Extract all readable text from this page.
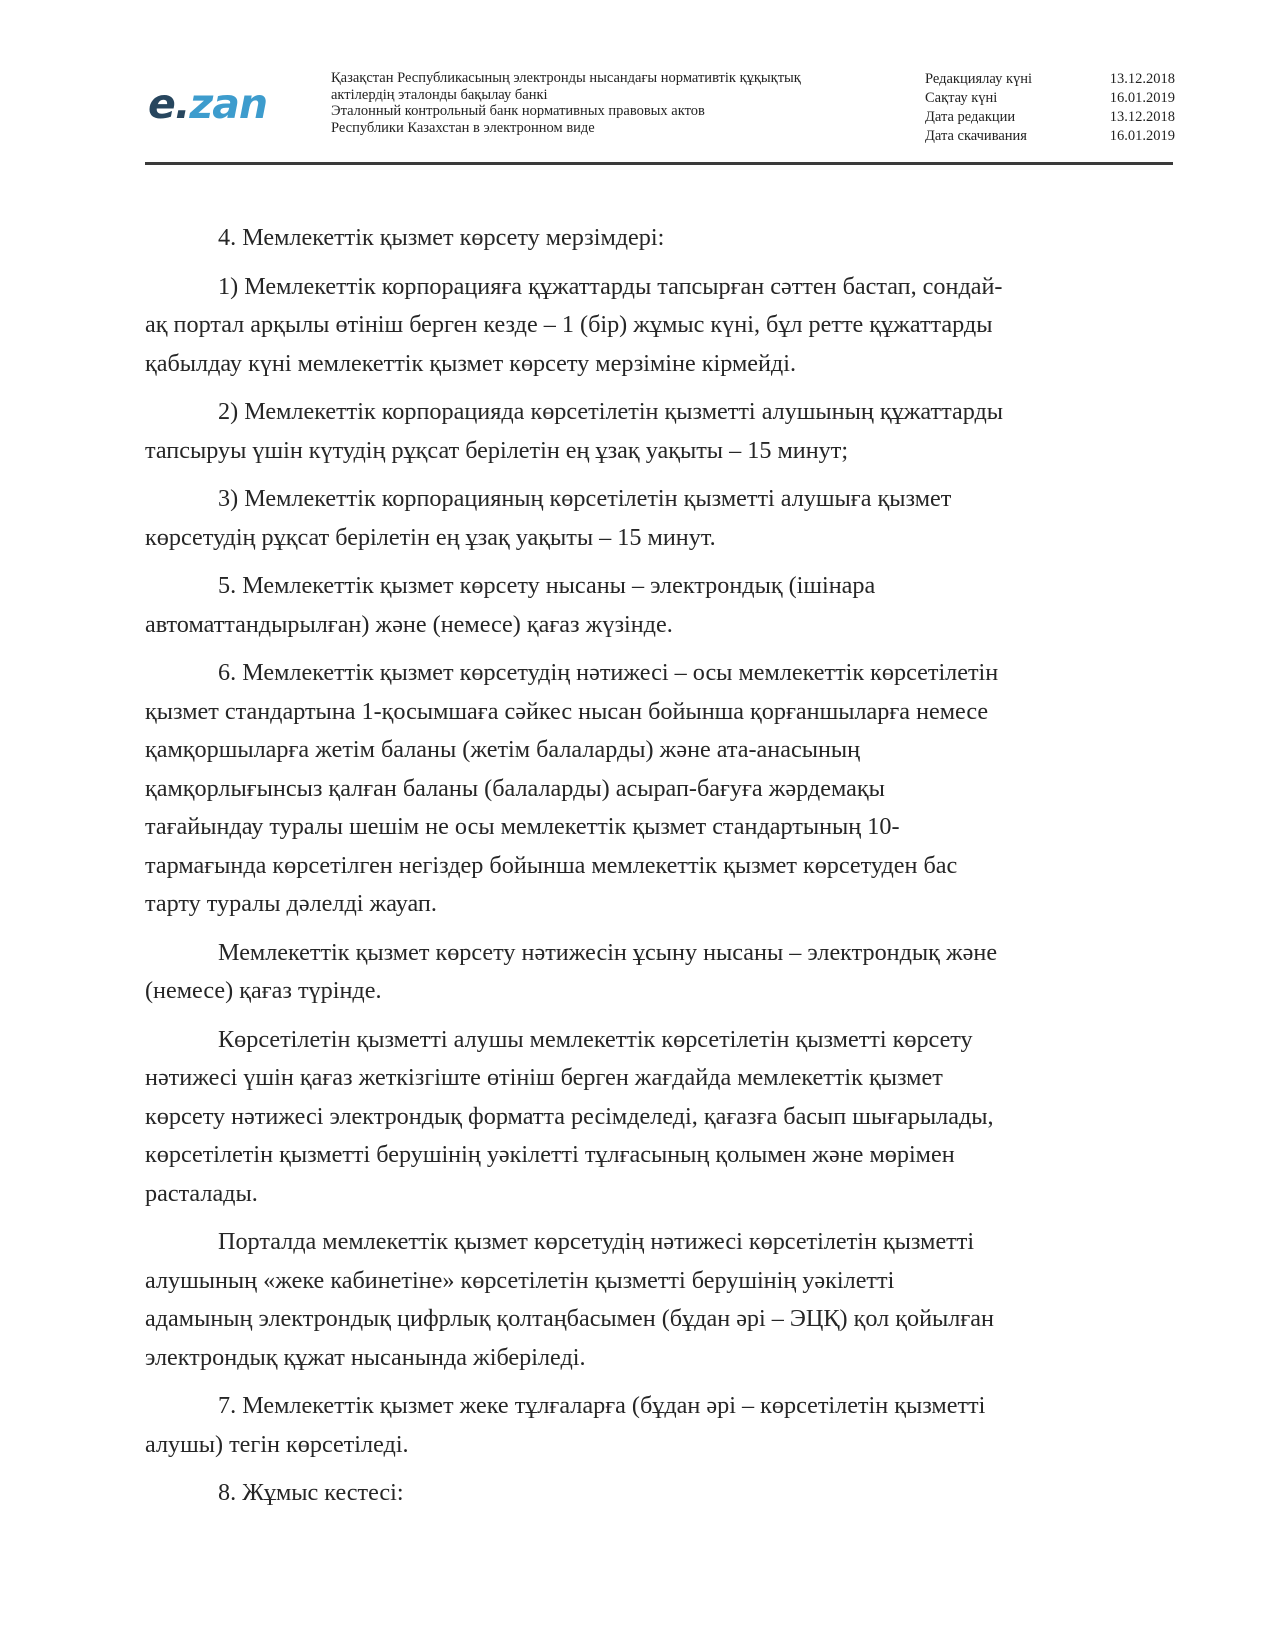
e.zan
Қазақстан Республикасының электронды нысандағы нормативтік құқықтық
актілердің эталонды бақылау банкі
Эталонный контрольный банк нормативных правовых актов
Республики Казахстан в электронном виде
Редакциялау күні	13.12.2018
Сақтау күні	16.01.2019
Дата редакции	13.12.2018
Дата скачивания	16.01.2019

4. Мемлекеттік қызмет көрсету мерзімдері:

1) Мемлекеттік корпорацияға құжаттарды тапсырған сәттен бастап, сондай-
ақ портал арқылы өтініш берген кезде – 1 (бір) жұмыс күні, бұл ретте құжаттарды
қабылдау күні мемлекеттік қызмет көрсету мерзіміне кірмейді.

2) Мемлекеттік корпорацияда көрсетілетін қызметті алушының құжаттарды
тапсыруы үшін күтудің рұқсат берілетін ең ұзақ уақыты – 15 минут;

3) Мемлекеттік корпорацияның көрсетілетін қызметті алушыға қызмет
көрсетудің рұқсат берілетін ең ұзақ уақыты – 15 минут.

5. Мемлекеттік қызмет көрсету нысаны – электрондық (ішінара
автоматтандырылған) және (немесе) қағаз жүзінде.

6. Мемлекеттік қызмет көрсетудің нәтижесі – осы мемлекеттік көрсетілетін
қызмет стандартына 1-қосымшаға сәйкес нысан бойынша қорғаншыларға немесе
қамқоршыларға жетім баланы (жетім балаларды) және ата-анасының
қамқорлығынсыз қалған баланы (балаларды) асырап-бағуға жәрдемақы
тағайындау туралы шешім не осы мемлекеттік қызмет стандартының 10-
тармағында көрсетілген негіздер бойынша мемлекеттік қызмет көрсетуден бас
тарту туралы дәлелді жауап.

Мемлекеттік қызмет көрсету нәтижесін ұсыну нысаны – электрондық және
(немесе) қағаз түрінде.

Көрсетілетін қызметті алушы мемлекеттік көрсетілетін қызметті көрсету
нәтижесі үшін қағаз жеткізгіште өтініш берген жағдайда мемлекеттік қызмет
көрсету нәтижесі электрондық форматта ресімделеді, қағазға басып шығарылады,
көрсетілетін қызметті берушінің уәкілетті тұлғасының қолымен және мөрімен
расталады.

Порталда мемлекеттік қызмет көрсетудің нәтижесі көрсетілетін қызметті
алушының «жеке кабинетіне» көрсетілетін қызметті берушінің уәкілетті
адамының электрондық цифрлық қолтаңбасымен (бұдан әрі – ЭЦҚ) қол қойылған
электрондық құжат нысанында жіберіледі.

7. Мемлекеттік қызмет жеке тұлғаларға (бұдан әрі – көрсетілетін қызметті
алушы) тегін көрсетіледі.

8. Жұмыс кестесі:
